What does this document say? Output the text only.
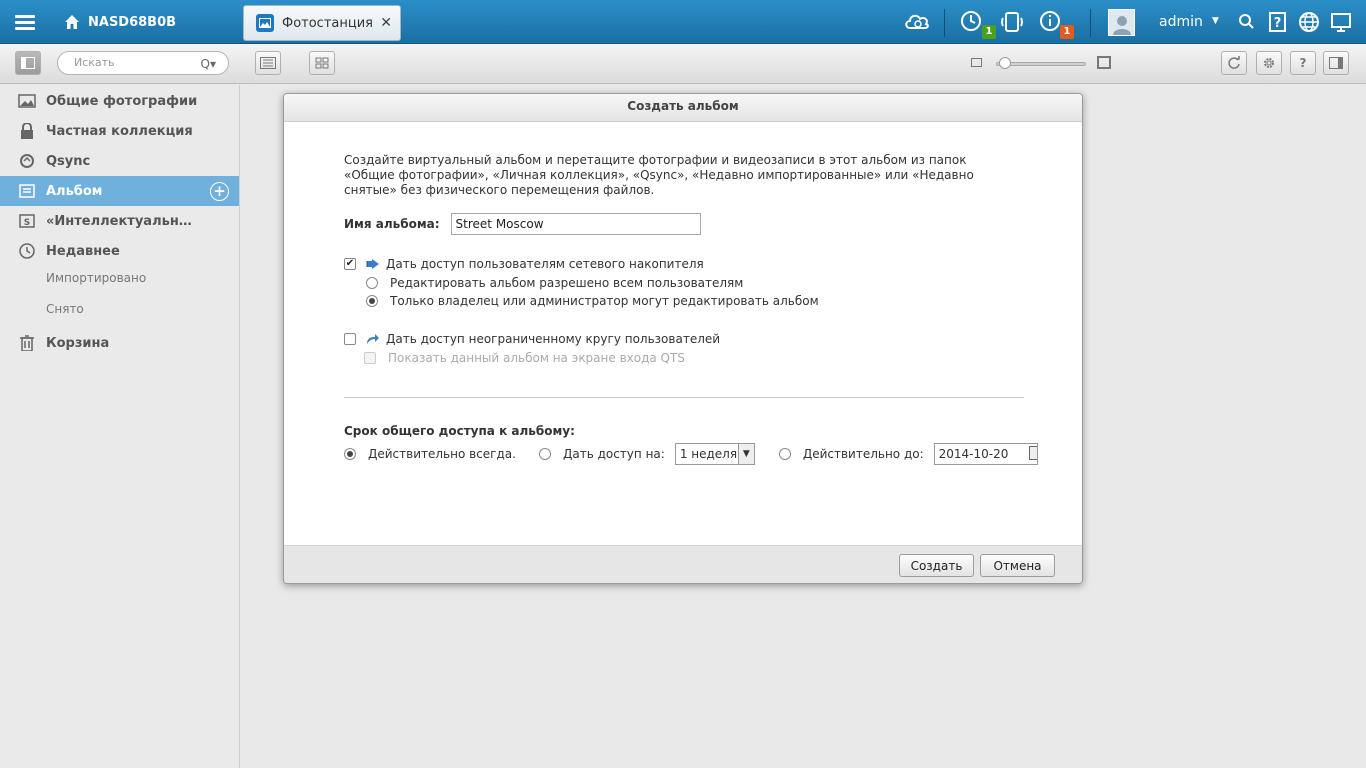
NASD68B0B	Фотостанция ✕
1	1
admin ▼	?
Искать	Q▾	?
Общие фотографии
Частная коллекция
Qsync
Альбом	+
S «Интеллектуальн…
Недавнее
Импортировано
Снято
Корзина
Создать альбом
Создайте виртуальный альбом и перетащите фотографии и видеозаписи в этот альбом из папок «Общие фотографии», «Личная коллекция», «Qsync», «Недавно импортированные» или «Недавно снятые» без физического перемещения файлов.
Имя альбома:	Street Moscow
✔
Дать доступ пользователям сетевого накопителя
Редактировать альбом разрешено всем пользователям
Только владелец или администратор могут редактировать альбом
Дать доступ неограниченному кругу пользователей
Показать данный альбом на экране входа QTS
Срок общего доступа к альбому:
Действительно всегда.	Дать доступ на: 1 неделя ▼	Действительно до:	2014-10-20
Создать	Отмена
